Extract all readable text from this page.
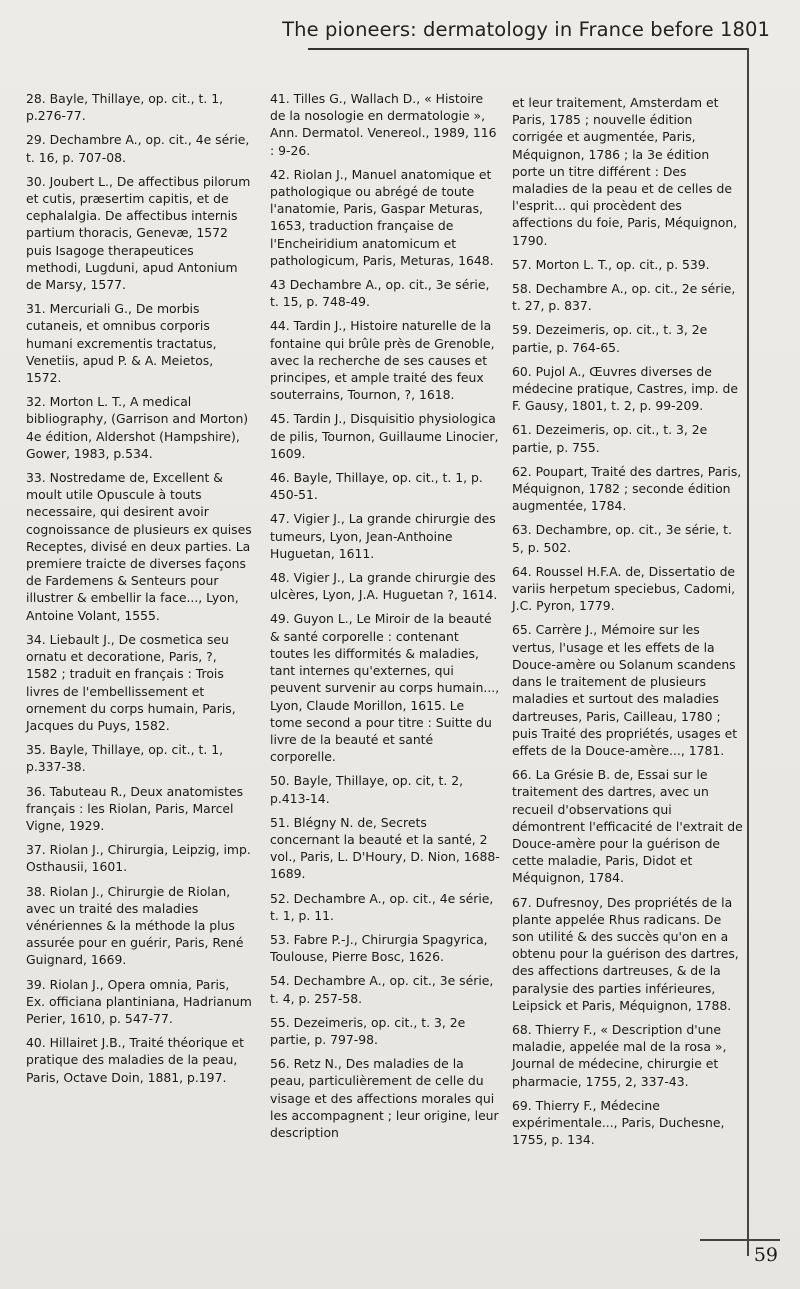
The pioneers: dermatology in France before 1801
59
28. Bayle, Thillaye, op. cit., t. 1, p.276-77.
29. Dechambre A., op. cit., 4e série, t. 16, p. 707-08.
30. Joubert L., De affectibus pilorum et cutis, præsertim capitis, et de cephalalgia. De affectibus internis partium thoracis, Genevæ, 1572 puis Isagoge therapeutices methodi, Lugduni, apud Antonium de Marsy, 1577.
31. Mercuriali G., De morbis cutaneis, et omnibus corporis humani excrementis tractatus, Venetiis, apud P. & A. Meietos, 1572.
32. Morton L. T., A medical bibliography, (Garrison and Morton) 4e édition, Aldershot (Hampshire), Gower, 1983, p.534.
33. Nostredame de, Excellent & moult utile Opuscule à touts necessaire, qui desirent avoir cognoissance de plusieurs ex quises Receptes, divisé en deux parties. La premiere traicte de diverses façons de Fardemens & Senteurs pour illustrer & embellir la face..., Lyon, Antoine Volant, 1555.
34. Liebault J., De cosmetica seu ornatu et decoratione, Paris, ?, 1582 ; traduit en français : Trois livres de l'embellissement et ornement du corps humain, Paris, Jacques du Puys, 1582.
35. Bayle, Thillaye, op. cit., t. 1, p.337-38.
36. Tabuteau R., Deux anatomistes français : les Riolan, Paris, Marcel Vigne, 1929.
37. Riolan J., Chirurgia, Leipzig, imp. Osthausii, 1601.
38. Riolan J., Chirurgie de Riolan, avec un traité des maladies vénériennes & la méthode la plus assurée pour en guérir, Paris, René Guignard, 1669.
39. Riolan J., Opera omnia, Paris, Ex. officiana plantiniana, Hadrianum Perier, 1610, p. 547-77.
40. Hillairet J.B., Traité théorique et pratique des maladies de la peau, Paris, Octave Doin, 1881, p.197.
41. Tilles G., Wallach D., « Histoire de la nosologie en dermatologie », Ann. Dermatol. Venereol., 1989, 116 : 9-26.
42. Riolan J., Manuel anatomique et pathologique ou abrégé de toute l'anatomie, Paris, Gaspar Meturas, 1653, traduction française de l'Encheiridium anatomicum et pathologicum, Paris, Meturas, 1648.
43 Dechambre A., op. cit., 3e série, t. 15, p. 748-49.
44. Tardin J., Histoire naturelle de la fontaine qui brûle près de Grenoble, avec la recherche de ses causes et principes, et ample traité des feux souterrains, Tournon, ?, 1618.
45. Tardin J., Disquisitio physiologica de pilis, Tournon, Guillaume Linocier, 1609.
46. Bayle, Thillaye, op. cit., t. 1, p. 450-51.
47. Vigier J., La grande chirurgie des tumeurs, Lyon, Jean-Anthoine Huguetan, 1611.
48. Vigier J., La grande chirurgie des ulcères, Lyon, J.A. Huguetan ?, 1614.
49. Guyon L., Le Miroir de la beauté & santé corporelle : contenant toutes les difformités & maladies, tant internes qu'externes, qui peuvent survenir au corps humain..., Lyon, Claude Morillon, 1615. Le tome second a pour titre : Suitte du livre de la beauté et santé corporelle.
50. Bayle, Thillaye, op. cit, t. 2, p.413-14.
51. Blégny N. de, Secrets concernant la beauté et la santé, 2 vol., Paris, L. D'Houry, D. Nion, 1688-1689.
52. Dechambre A., op. cit., 4e série, t. 1, p. 11.
53. Fabre P.-J., Chirurgia Spagyrica, Toulouse, Pierre Bosc, 1626.
54. Dechambre A., op. cit., 3e série, t. 4, p. 257-58.
55. Dezeimeris, op. cit., t. 3, 2e partie, p. 797-98.
56. Retz N., Des maladies de la peau, particulièrement de celle du visage et des affections morales qui les accompagnent ; leur origine, leur description
et leur traitement, Amsterdam et Paris, 1785 ; nouvelle édition corrigée et augmentée, Paris, Méquignon, 1786 ; la 3e édition porte un titre différent : Des maladies de la peau et de celles de l'esprit... qui procèdent des affections du foie, Paris, Méquignon, 1790.
57. Morton L. T., op. cit., p. 539.
58. Dechambre A., op. cit., 2e série, t. 27, p. 837.
59. Dezeimeris, op. cit., t. 3, 2e partie, p. 764-65.
60. Pujol A., Œuvres diverses de médecine pratique, Castres, imp. de F. Gausy, 1801, t. 2, p. 99-209.
61. Dezeimeris, op. cit., t. 3, 2e partie, p. 755.
62. Poupart, Traité des dartres, Paris, Méquignon, 1782 ; seconde édition augmentée, 1784.
63. Dechambre, op. cit., 3e série, t. 5, p. 502.
64. Roussel H.F.A. de, Dissertatio de variis herpetum speciebus, Cadomi, J.C. Pyron, 1779.
65. Carrère J., Mémoire sur les vertus, l'usage et les effets de la Douce-amère ou Solanum scandens dans le traitement de plusieurs maladies et surtout des maladies dartreuses, Paris, Cailleau, 1780 ; puis Traité des propriétés, usages et effets de la Douce-amère..., 1781.
66. La Grésie B. de, Essai sur le traitement des dartres, avec un recueil d'observations qui démontrent l'efficacité de l'extrait de Douce-amère pour la guérison de cette maladie, Paris, Didot et Méquignon, 1784.
67. Dufresnoy, Des propriétés de la plante appelée Rhus radicans. De son utilité & des succès qu'on en a obtenu pour la guérison des dartres, des affections dartreuses, & de la paralysie des parties inférieures, Leipsick et Paris, Méquignon, 1788.
68. Thierry F., « Description d'une maladie, appelée mal de la rosa », Journal de médecine, chirurgie et pharmacie, 1755, 2, 337-43.
69. Thierry F., Médecine expérimentale..., Paris, Duchesne, 1755, p. 134.
